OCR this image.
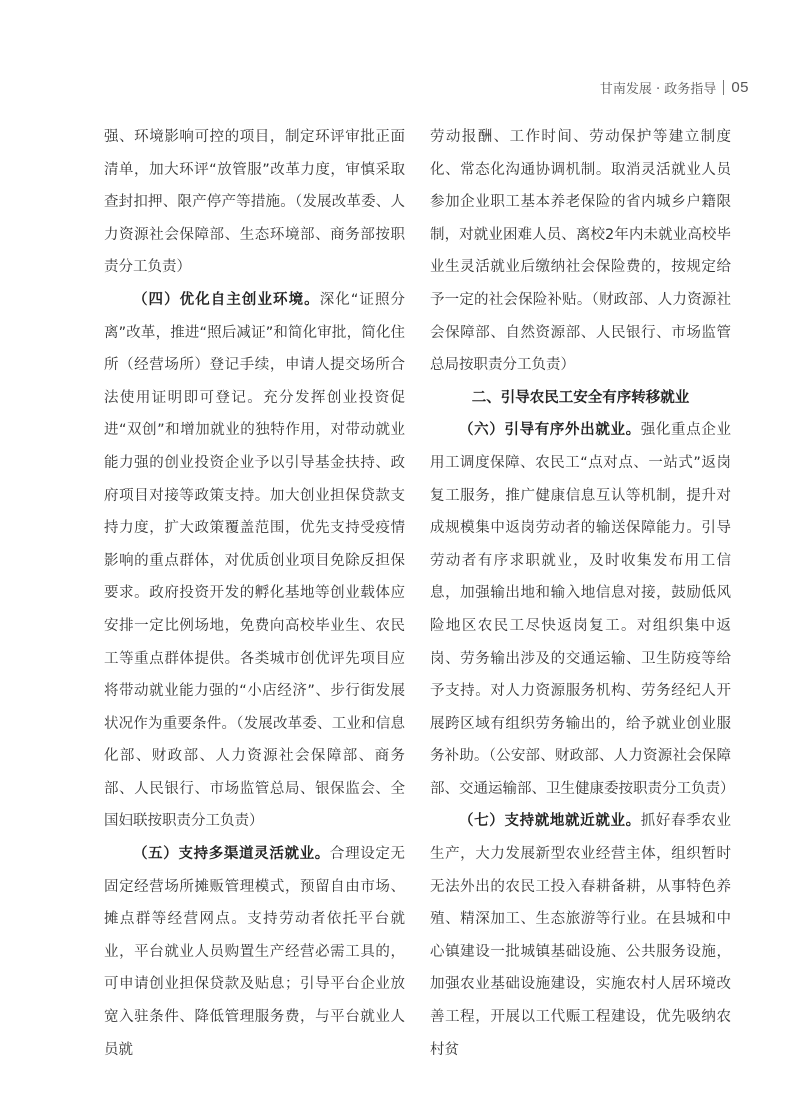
甘南发展 · 政务指导 05

强、环境影响可控的项目，制定环评审批正面清单，加大环评“放管服”改革力度，审慎采取查封扣押、限产停产等措施。（发展改革委、人力资源社会保障部、生态环境部、商务部按职责分工负责）

（四）优化自主创业环境。深化“证照分离”改革，推进“照后减证”和简化审批，简化住所（经营场所）登记手续，申请人提交场所合法使用证明即可登记。充分发挥创业投资促进“双创”和增加就业的独特作用，对带动就业能力强的创业投资企业予以引导基金扶持、政府项目对接等政策支持。加大创业担保贷款支持力度，扩大政策覆盖范围，优先支持受疫情影响的重点群体，对优质创业项目免除反担保要求。政府投资开发的孵化基地等创业载体应安排一定比例场地，免费向高校毕业生、农民工等重点群体提供。各类城市创优评先项目应将带动就业能力强的“小店经济”、步行街发展状况作为重要条件。（发展改革委、工业和信息化部、财政部、人力资源社会保障部、商务部、人民银行、市场监管总局、银保监会、全国妇联按职责分工负责）

（五）支持多渠道灵活就业。合理设定无固定经营场所摊贩管理模式，预留自由市场、摊点群等经营网点。支持劳动者依托平台就业，平台就业人员购置生产经营必需工具的，可申请创业担保贷款及贴息；引导平台企业放宽入驻条件、降低管理服务费，与平台就业人员就

劳动报酬、工作时间、劳动保护等建立制度化、常态化沟通协调机制。取消灵活就业人员参加企业职工基本养老保险的省内城乡户籍限制，对就业困难人员、离校2年内未就业高校毕业生灵活就业后缴纳社会保险费的，按规定给予一定的社会保险补贴。（财政部、人力资源社会保障部、自然资源部、人民银行、市场监管总局按职责分工负责）

二、引导农民工安全有序转移就业

（六）引导有序外出就业。强化重点企业用工调度保障、农民工“点对点、一站式”返岗复工服务，推广健康信息互认等机制，提升对成规模集中返岗劳动者的输送保障能力。引导劳动者有序求职就业，及时收集发布用工信息，加强输出地和输入地信息对接，鼓励低风险地区农民工尽快返岗复工。对组织集中返岗、劳务输出涉及的交通运输、卫生防疫等给予支持。对人力资源服务机构、劳务经纪人开展跨区域有组织劳务输出的，给予就业创业服务补助。（公安部、财政部、人力资源社会保障部、交通运输部、卫生健康委按职责分工负责）

（七）支持就地就近就业。抓好春季农业生产，大力发展新型农业经营主体，组织暂时无法外出的农民工投入春耕备耕，从事特色养殖、精深加工、生态旅游等行业。在县城和中心镇建设一批城镇基础设施、公共服务设施，加强农业基础设施建设，实施农村人居环境改善工程，开展以工代赈工程建设，优先吸纳农村贫
